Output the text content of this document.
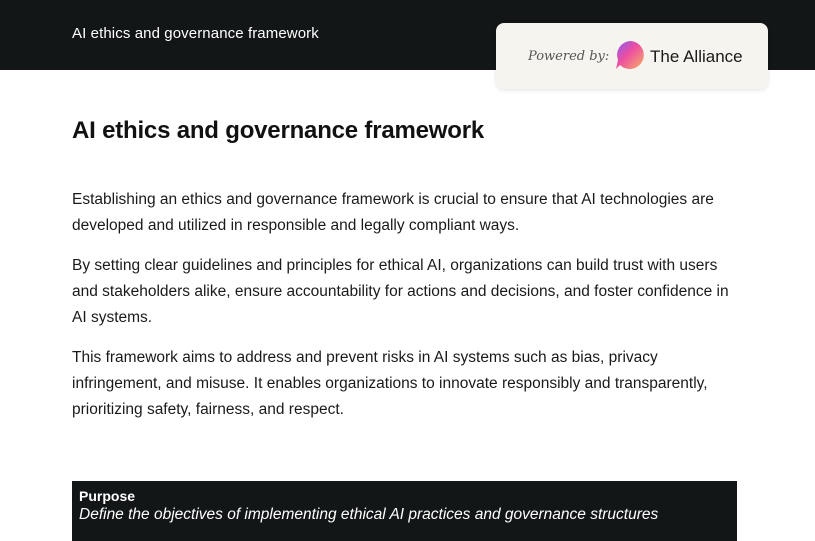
AI ethics and governance framework
Powered by: The Alliance
AI ethics and governance framework

Establishing an ethics and governance framework is crucial to ensure that AI technologies are developed and utilized in responsible and legally compliant ways.

By setting clear guidelines and principles for ethical AI, organizations can build trust with users and stakeholders alike, ensure accountability for actions and decisions, and foster confidence in AI systems.

This framework aims to address and prevent risks in AI systems such as bias, privacy infringement, and misuse. It enables organizations to innovate responsibly and transparently, prioritizing safety, fairness, and respect.

Purpose
Define the objectives of implementing ethical AI practices and governance structures
